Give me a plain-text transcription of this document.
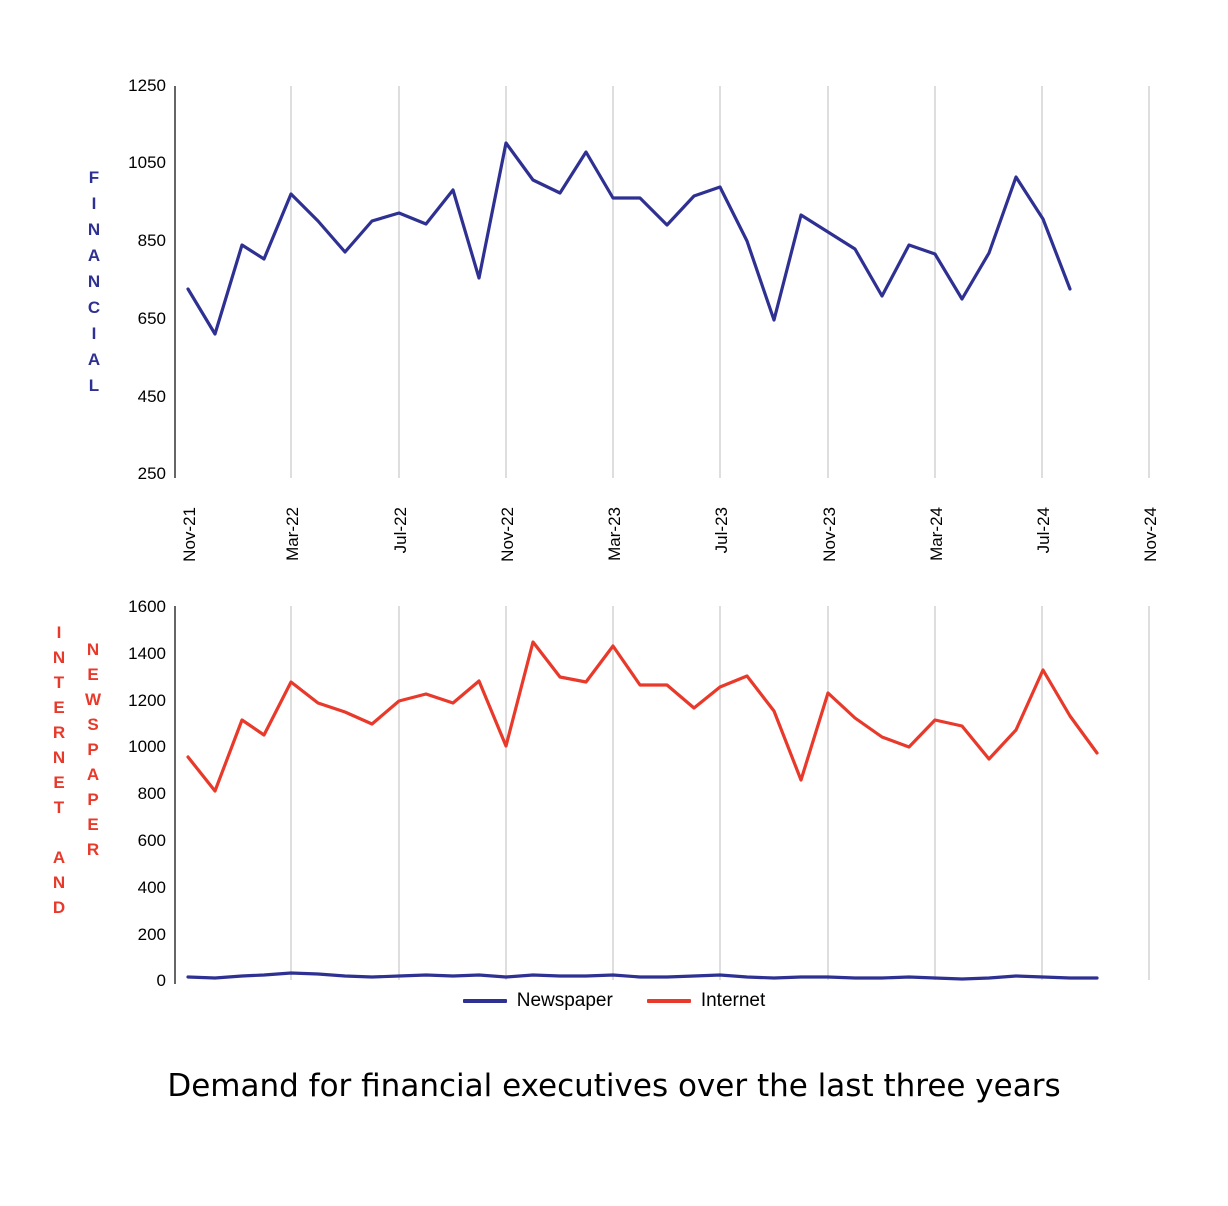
F
I
N
A
N
C
I
A
L
1250
1050
850
650
450
250
Nov-21	Mar-22	Jul-22	Nov-22	Mar-23	Jul-23	Nov-23	Mar-24	Jul-24	Nov-24
I
N
T
E
R
N
E
T

A
N
D
N
E
W
S
P
A
P
E
R
1600
1400
1200
1000
800
600
400
200
0
Newspaper	Internet
Demand for financial executives over the last three years
